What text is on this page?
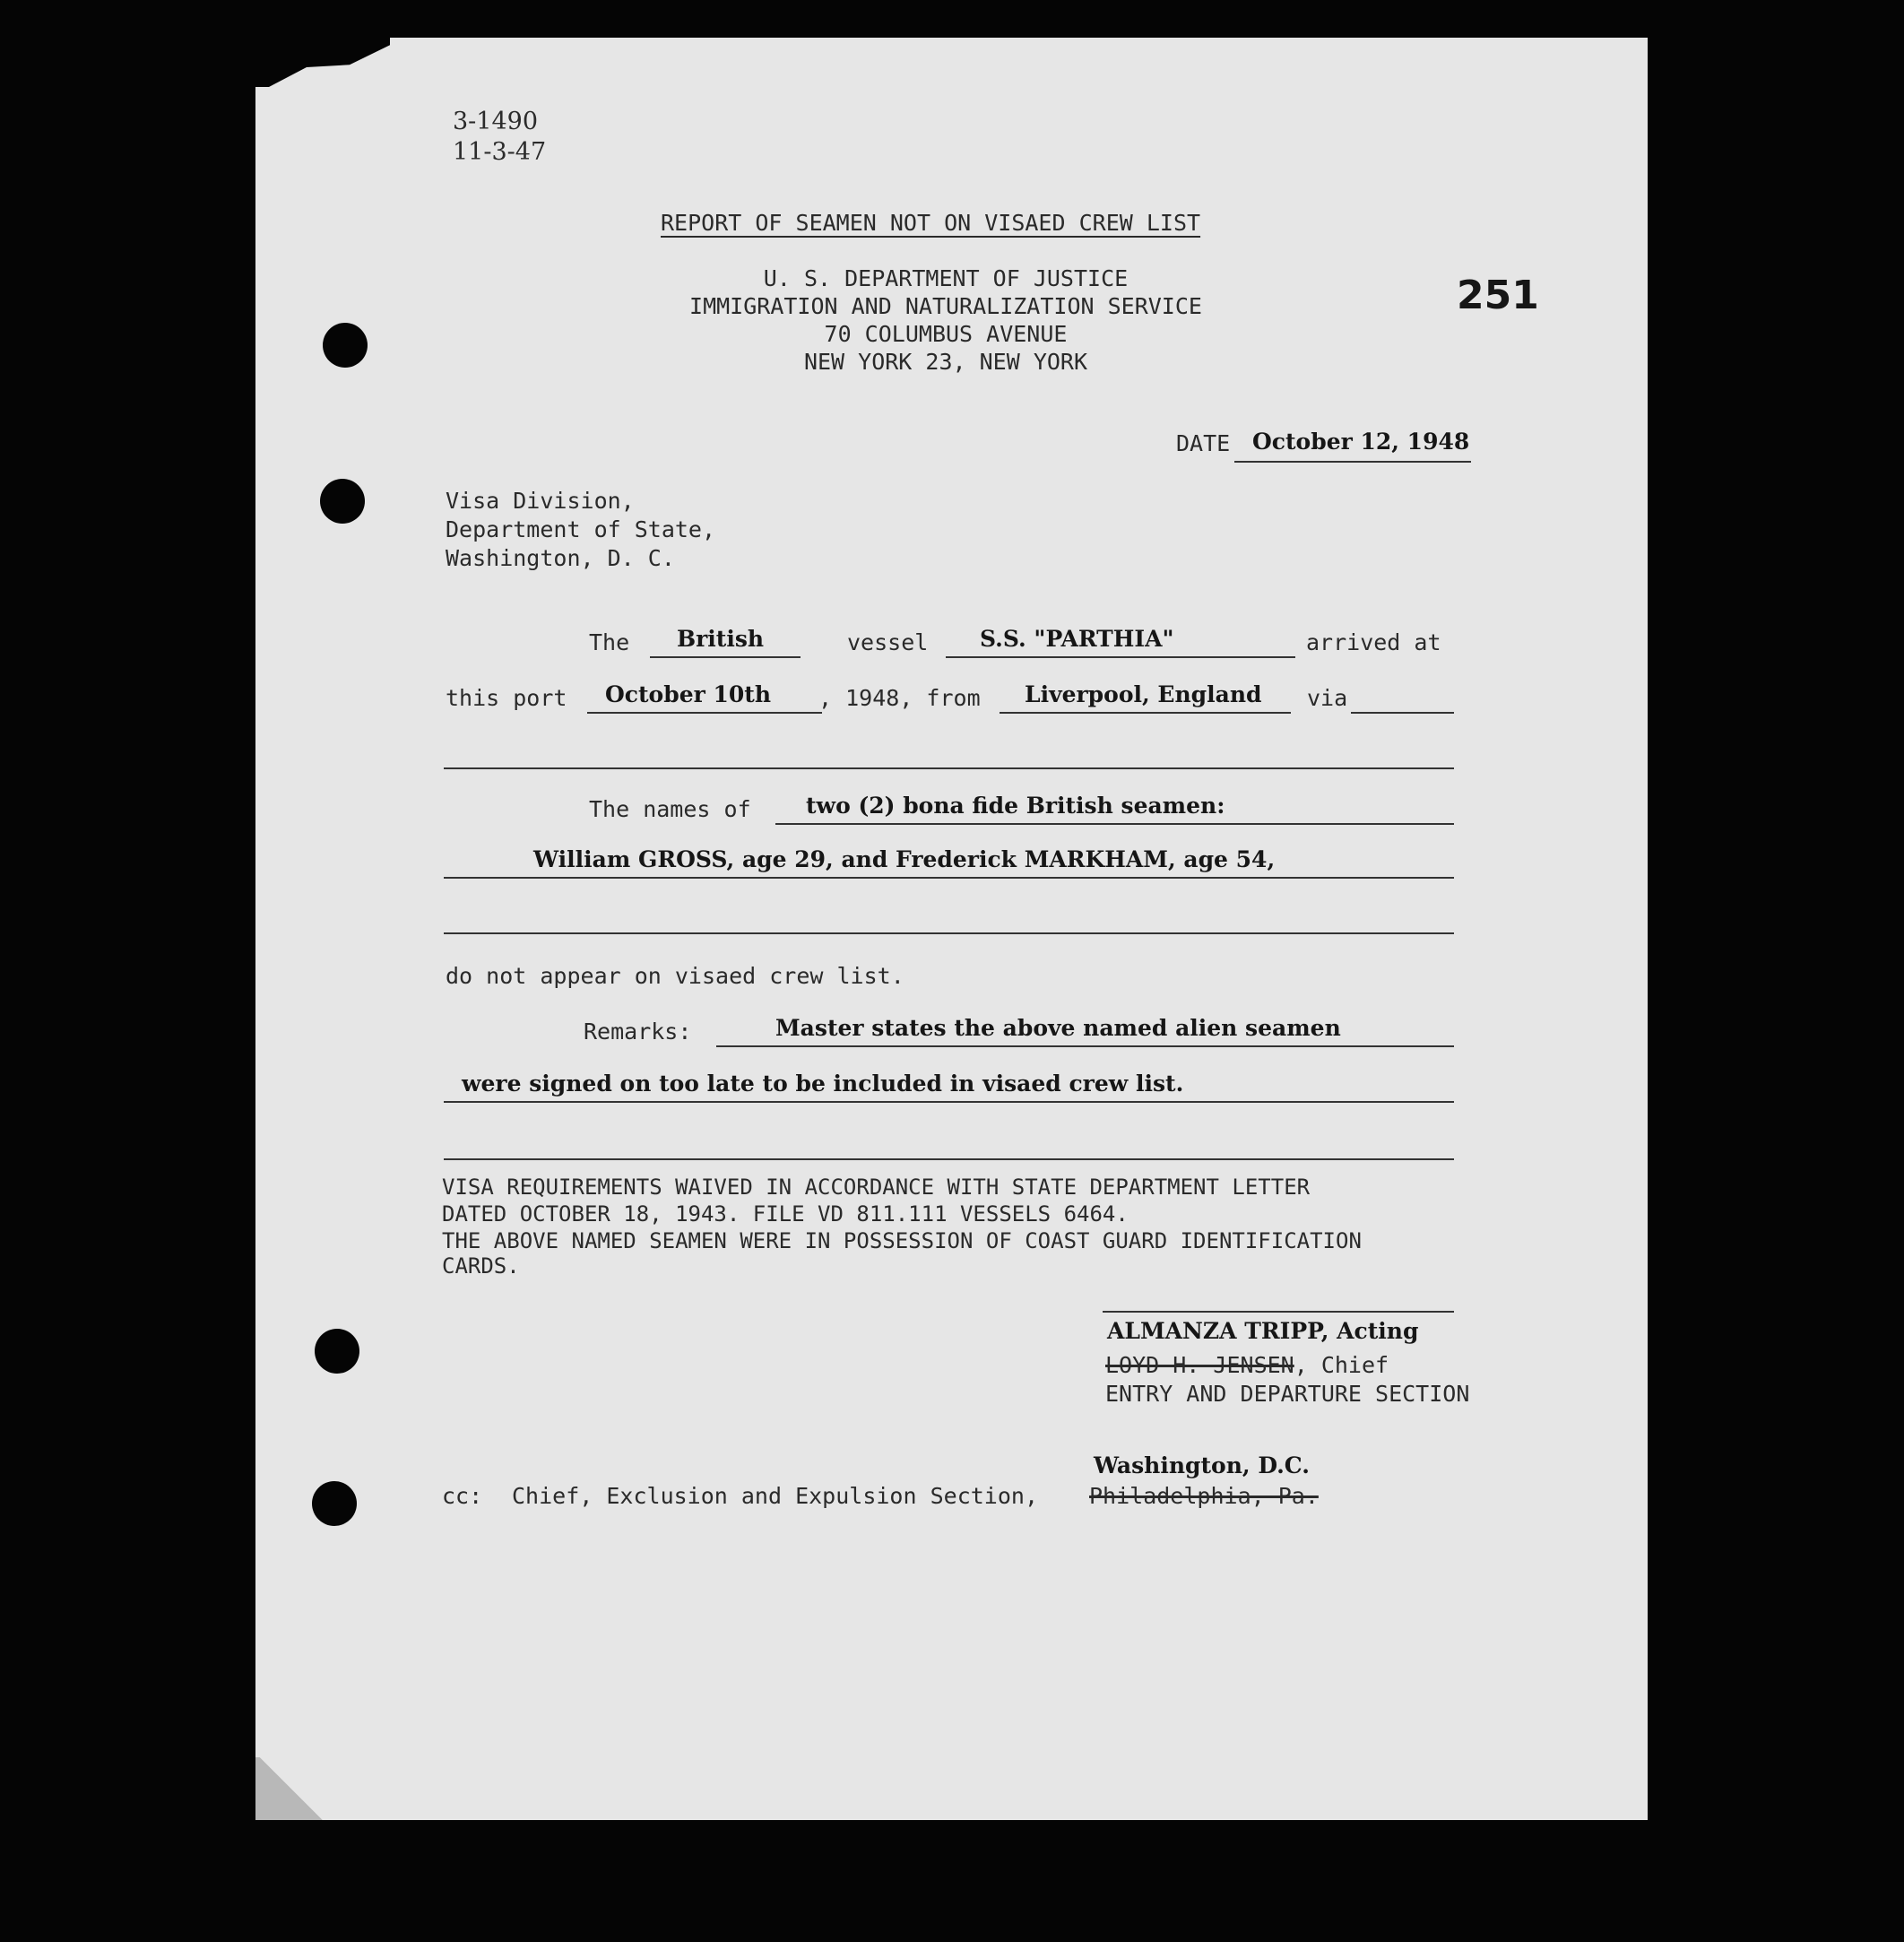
3-1490
11-3-47
251
REPORT OF SEAMEN NOT ON VISAED CREW LIST
U. S. DEPARTMENT OF JUSTICE
IMMIGRATION AND NATURALIZATION SERVICE
70 COLUMBUS AVENUE
NEW YORK 23, NEW YORK
DATE October 12, 1948
Visa Division,
Department of State,
Washington, D. C.
The British	vessel S.S. "PARTHIA"	arrived at
this port October 10th , 1948, from Liverpool, England via
The names of two (2) bona fide British seamen:
William GROSS, age 29, and Frederick MARKHAM, age 54,
do not appear on visaed crew list.
Remarks:	Master states the above named alien seamen
were signed on too late to be included in visaed crew list.
VISA REQUIREMENTS WAIVED IN ACCORDANCE WITH STATE DEPARTMENT LETTER
DATED OCTOBER 18, 1943. FILE VD 811.111 VESSELS 6464.
THE ABOVE NAMED SEAMEN WERE IN POSSESSION OF COAST GUARD IDENTIFICATION
CARDS.
ALMANZA TRIPP, Acting
LOYD H. JENSEN, Chief
ENTRY AND DEPARTURE SECTION
Washington, D.C.
cc: Chief, Exclusion and Expulsion Section, Philadelphia, Pa.
